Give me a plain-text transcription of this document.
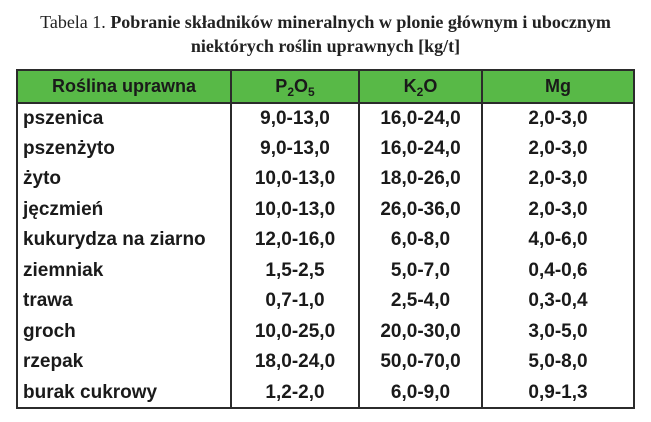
Tabela 1. Pobranie składników mineralnych w plonie głównym i ubocznym
niektórych roślin uprawnych [kg/t]
Roślina uprawna	$P_2O_5$	$K_2O$	Mg
pszenica	9,0-13,0	16,0-24,0	2,0-3,0
pszenżyto	9,0-13,0	16,0-24,0	2,0-3,0
żyto	10,0-13,0	18,0-26,0	2,0-3,0
jęczmień	10,0-13,0	26,0-36,0	2,0-3,0
kukurydza na ziarno	12,0-16,0	6,0-8,0	4,0-6,0
ziemniak	1,5-2,5	5,0-7,0	0,4-0,6
trawa	0,7-1,0	2,5-4,0	0,3-0,4
groch	10,0-25,0	20,0-30,0	3,0-5,0
rzepak	18,0-24,0	50,0-70,0	5,0-8,0
burak cukrowy	1,2-2,0	6,0-9,0	0,9-1,3
